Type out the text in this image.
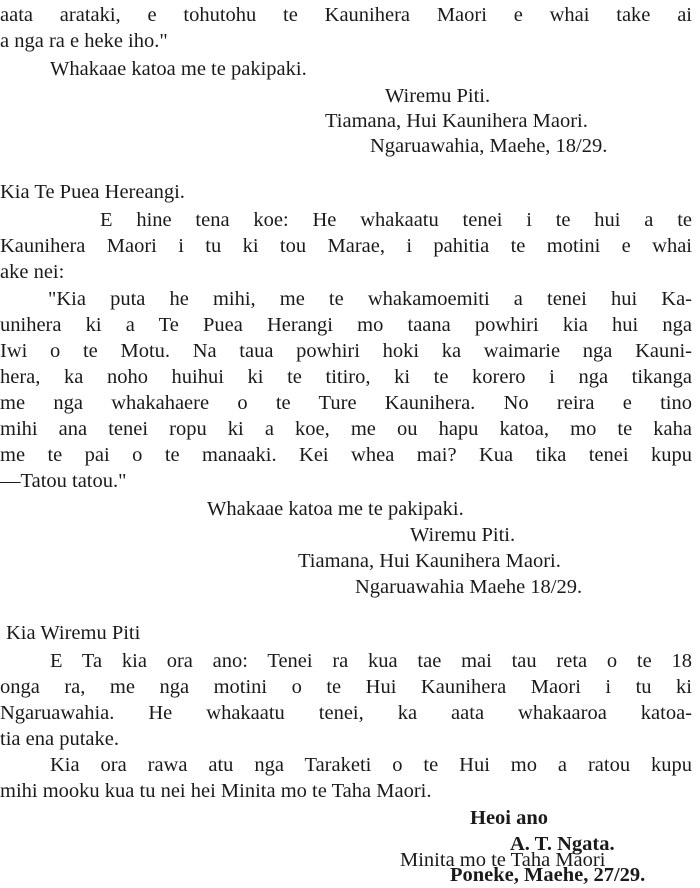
aata arataki, e tohutohu te Kaunihera Maori e whai take ai
a nga ra e heke iho."
Whakaae katoa me te pakipaki.
Wiremu Piti.
Tiamana, Hui Kaunihera Maori.
Ngaruawahia, Maehe, 18/29.
Kia Te Puea Hereangi.
E hine tena koe: He whakaatu tenei i te hui a te
Kaunihera Maori i tu ki tou Marae, i pahitia te motini e whai
ake nei:
"Kia puta he mihi, me te whakamoemiti a tenei hui Ka-
unihera ki a Te Puea Herangi mo taana powhiri kia hui nga
Iwi o te Motu. Na taua powhiri hoki ka waimarie nga Kauni-
hera, ka noho huihui ki te titiro, ki te korero i nga tikanga
me nga whakahaere o te Ture Kaunihera. No reira e tino
mihi ana tenei ropu ki a koe, me ou hapu katoa, mo te kaha
me te pai o te manaaki. Kei whea mai? Kua tika tenei kupu
—Tatou tatou."
Whakaae katoa me te pakipaki.
Wiremu Piti.
Tiamana, Hui Kaunihera Maori.
Ngaruawahia Maehe 18/29.
Kia Wiremu Piti
E Ta kia ora ano: Tenei ra kua tae mai tau reta o te 18
onga ra, me nga motini o te Hui Kaunihera Maori i tu ki
Ngaruawahia. He whakaatu tenei, ka aata whakaaroa katoa-
tia ena putake.
Kia ora rawa atu nga Taraketi o te Hui mo a ratou kupu
mihi mooku kua tu nei hei Minita mo te Taha Maori.
Heoi ano
A. T. Ngata.
Minita mo te Taha Maori
Poneke, Maehe, 27/29.
